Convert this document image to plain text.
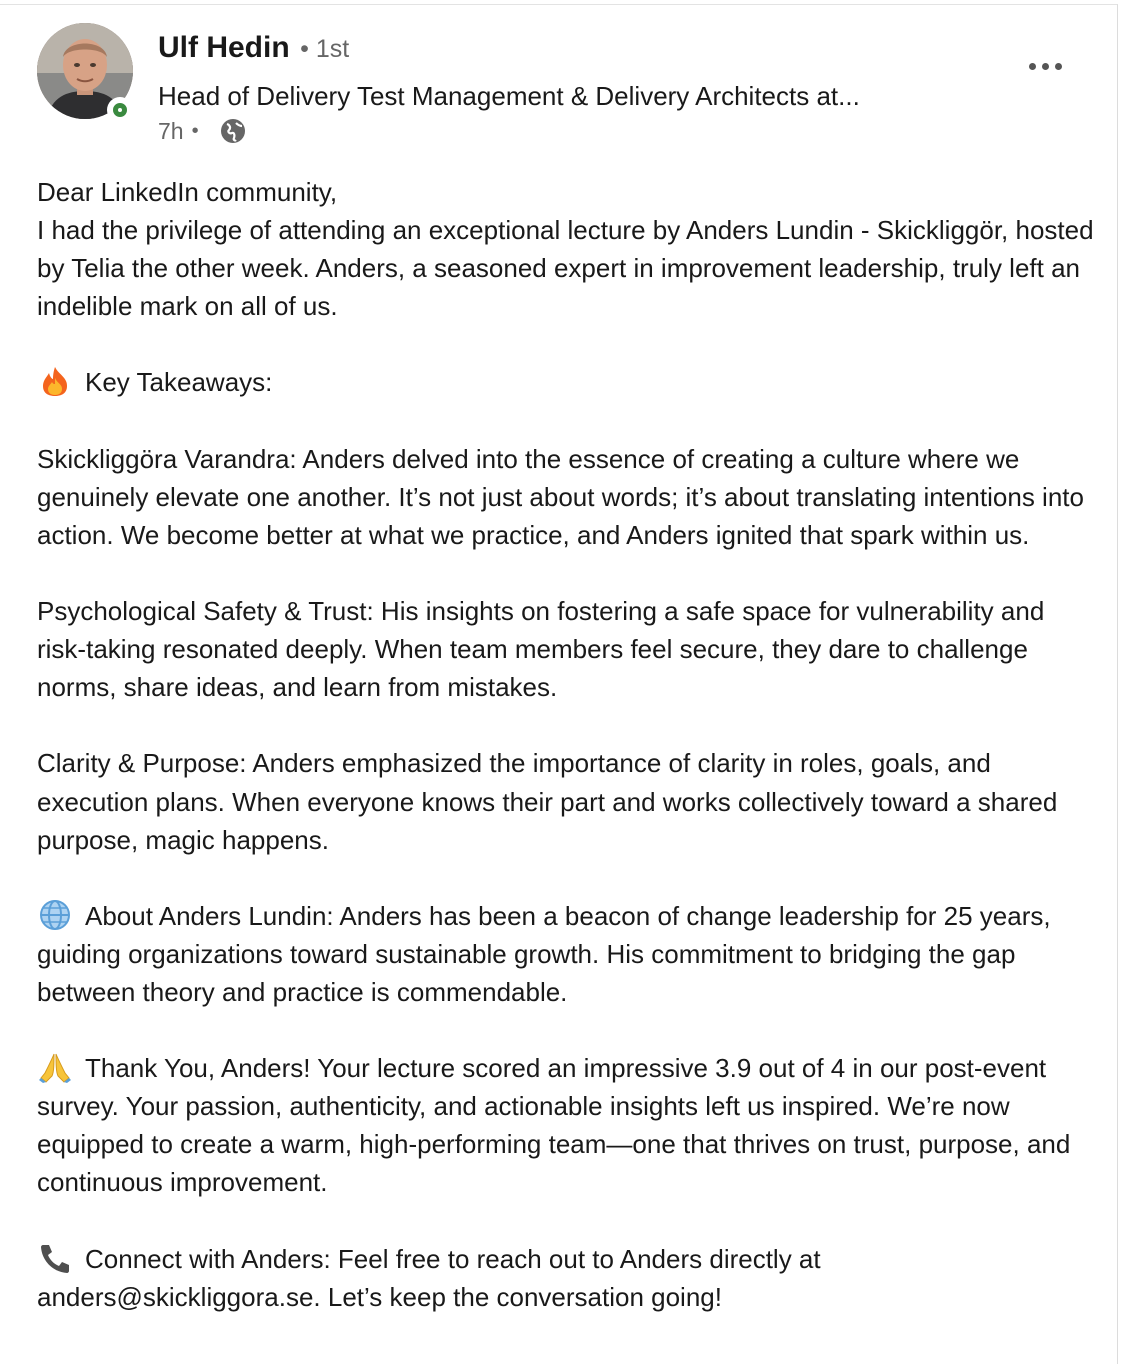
Ulf Hedin • 1st
Head of Delivery Test Management & Delivery Architects at...
7h •

Dear LinkedIn community,

I had the privilege of attending an exceptional lecture by Anders Lundin - Skickliggör, hosted by Telia the other week. Anders, a seasoned expert in improvement leadership, truly left an indelible mark on all of us.

Key Takeaways:

Skickliggöra Varandra: Anders delved into the essence of creating a culture where we genuinely elevate one another. It’s not just about words; it’s about translating intentions into action. We become better at what we practice, and Anders ignited that spark within us.

Psychological Safety & Trust: His insights on fostering a safe space for vulnerability and risk-taking resonated deeply. When team members feel secure, they dare to challenge norms, share ideas, and learn from mistakes.

Clarity & Purpose: Anders emphasized the importance of clarity in roles, goals, and execution plans. When everyone knows their part and works collectively toward a shared purpose, magic happens.

About Anders Lundin: Anders has been a beacon of change leadership for 25 years, guiding organizations toward sustainable growth. His commitment to bridging the gap between theory and practice is commendable.

Thank You, Anders! Your lecture scored an impressive 3.9 out of 4 in our post-event survey. Your passion, authenticity, and actionable insights left us inspired. We’re now equipped to create a warm, high-performing team—one that thrives on trust, purpose, and continuous improvement.

Connect with Anders: Feel free to reach out to Anders directly at anders@skickliggora.se. Let’s keep the conversation going!
